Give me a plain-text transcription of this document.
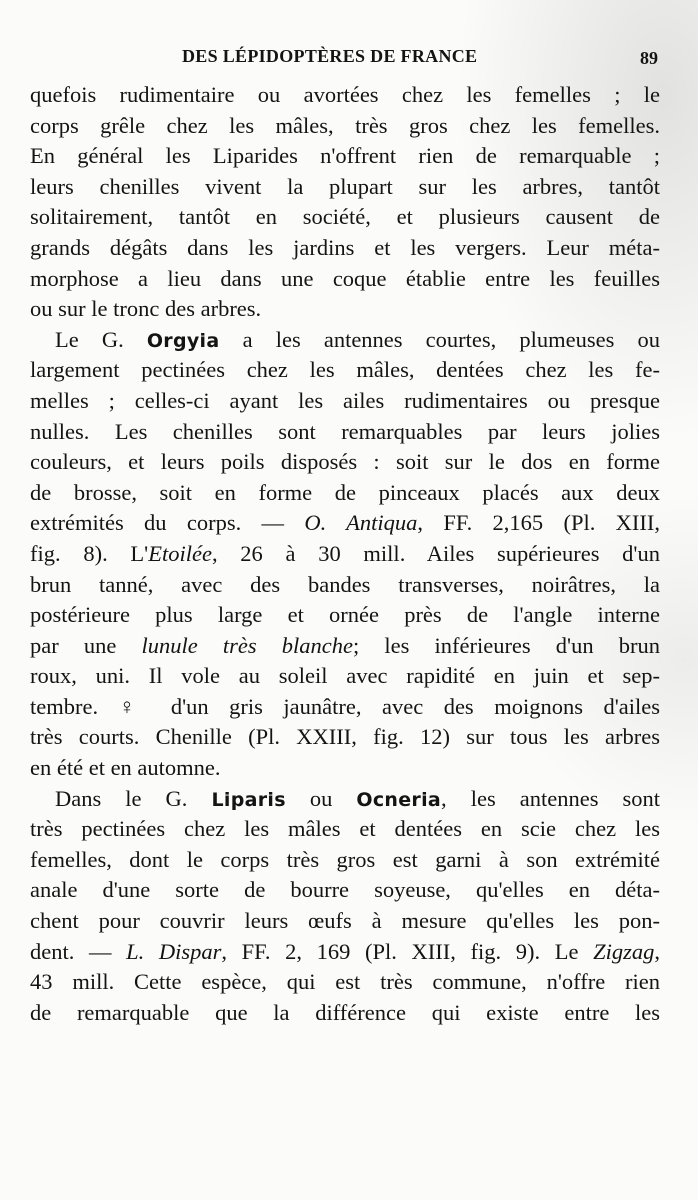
DES LÉPIDOPTÈRES DE FRANCE	89
quefois rudimentaire ou avortées chez les femelles ; le
corps grêle chez les mâles, très gros chez les femelles.
En général les Liparides n'offrent rien de remarquable ;
leurs chenilles vivent la plupart sur les arbres, tantôt
solitairement, tantôt en société, et plusieurs causent de
grands dégâts dans les jardins et les vergers. Leur méta-
morphose a lieu dans une coque établie entre les feuilles
ou sur le tronc des arbres.
Le G. Orgyia a les antennes courtes, plumeuses ou
largement pectinées chez les mâles, dentées chez les fe-
melles ; celles-ci ayant les ailes rudimentaires ou presque
nulles. Les chenilles sont remarquables par leurs jolies
couleurs, et leurs poils disposés : soit sur le dos en forme
de brosse, soit en forme de pinceaux placés aux deux
extrémités du corps. — O. Antiqua, FF. 2,165 (Pl. XIII,
fig. 8). L'Etoilée, 26 à 30 mill. Ailes supérieures d'un
brun tanné, avec des bandes transverses, noirâtres, la
postérieure plus large et ornée près de l'angle interne
par une lunule très blanche; les inférieures d'un brun
roux, uni. Il vole au soleil avec rapidité en juin et sep-
tembre. ♀ d'un gris jaunâtre, avec des moignons d'ailes
très courts. Chenille (Pl. XXIII, fig. 12) sur tous les arbres
en été et en automne.
Dans le G. Liparis ou Ocneria, les antennes sont
très pectinées chez les mâles et dentées en scie chez les
femelles, dont le corps très gros est garni à son extrémité
anale d'une sorte de bourre soyeuse, qu'elles en déta-
chent pour couvrir leurs œufs à mesure qu'elles les pon-
dent. — L. Dispar, FF. 2, 169 (Pl. XIII, fig. 9). Le Zigzag,
43 mill. Cette espèce, qui est très commune, n'offre rien
de remarquable que la différence qui existe entre les
